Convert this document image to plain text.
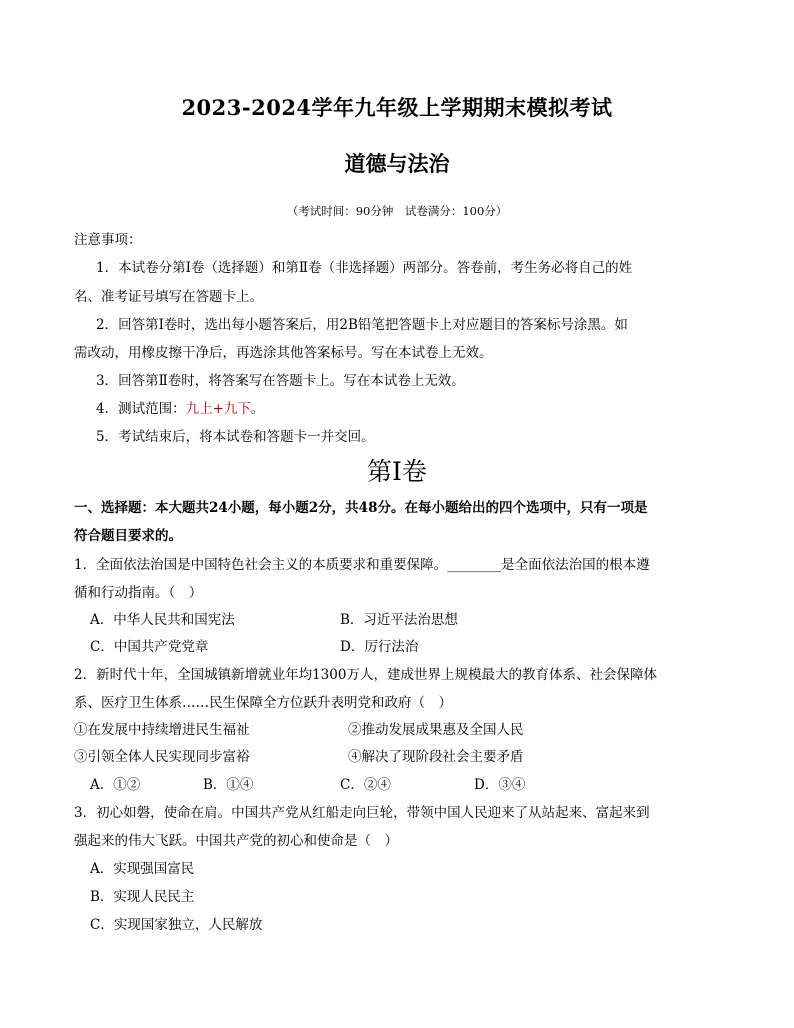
2023-2024学年九年级上学期期末模拟考试
道德与法治
（考试时间：90分钟　试卷满分：100分）
注意事项：
1．本试卷分第Ⅰ卷（选择题）和第Ⅱ卷（非选择题）两部分。答卷前，考生务必将自己的姓
名、准考证号填写在答题卡上。
2．回答第Ⅰ卷时，选出每小题答案后，用2B铅笔把答题卡上对应题目的答案标号涂黑。如
需改动，用橡皮擦干净后，再选涂其他答案标号。写在本试卷上无效。
3．回答第Ⅱ卷时，将答案写在答题卡上。写在本试卷上无效。
4．测试范围：九上+九下。
5．考试结束后，将本试卷和答题卡一并交回。
第Ⅰ卷
一、选择题：本大题共24小题，每小题2分，共48分。在每小题给出的四个选项中，只有一项是
符合题目要求的。
1．全面依法治国是中国特色社会主义的本质要求和重要保障。________是全面依法治国的根本遵
循和行动指南。（　）
A．中华人民共和国宪法	B．习近平法治思想
C．中国共产党党章	D．厉行法治
2．新时代十年，全国城镇新增就业年均1300万人，建成世界上规模最大的教育体系、社会保障体
系、医疗卫生体系……民生保障全方位跃升表明党和政府（　）
①在发展中持续增进民生福祉	②推动发展成果惠及全国人民
③引领全体人民实现同步富裕	④解决了现阶段社会主要矛盾
A．①②	B．①④	C．②④	D．③④
3．初心如磐，使命在肩。中国共产党从红船走向巨轮，带领中国人民迎来了从站起来、富起来到
强起来的伟大飞跃。中国共产党的初心和使命是（　）
A．实现强国富民
B．实现人民民主
C．实现国家独立，人民解放
